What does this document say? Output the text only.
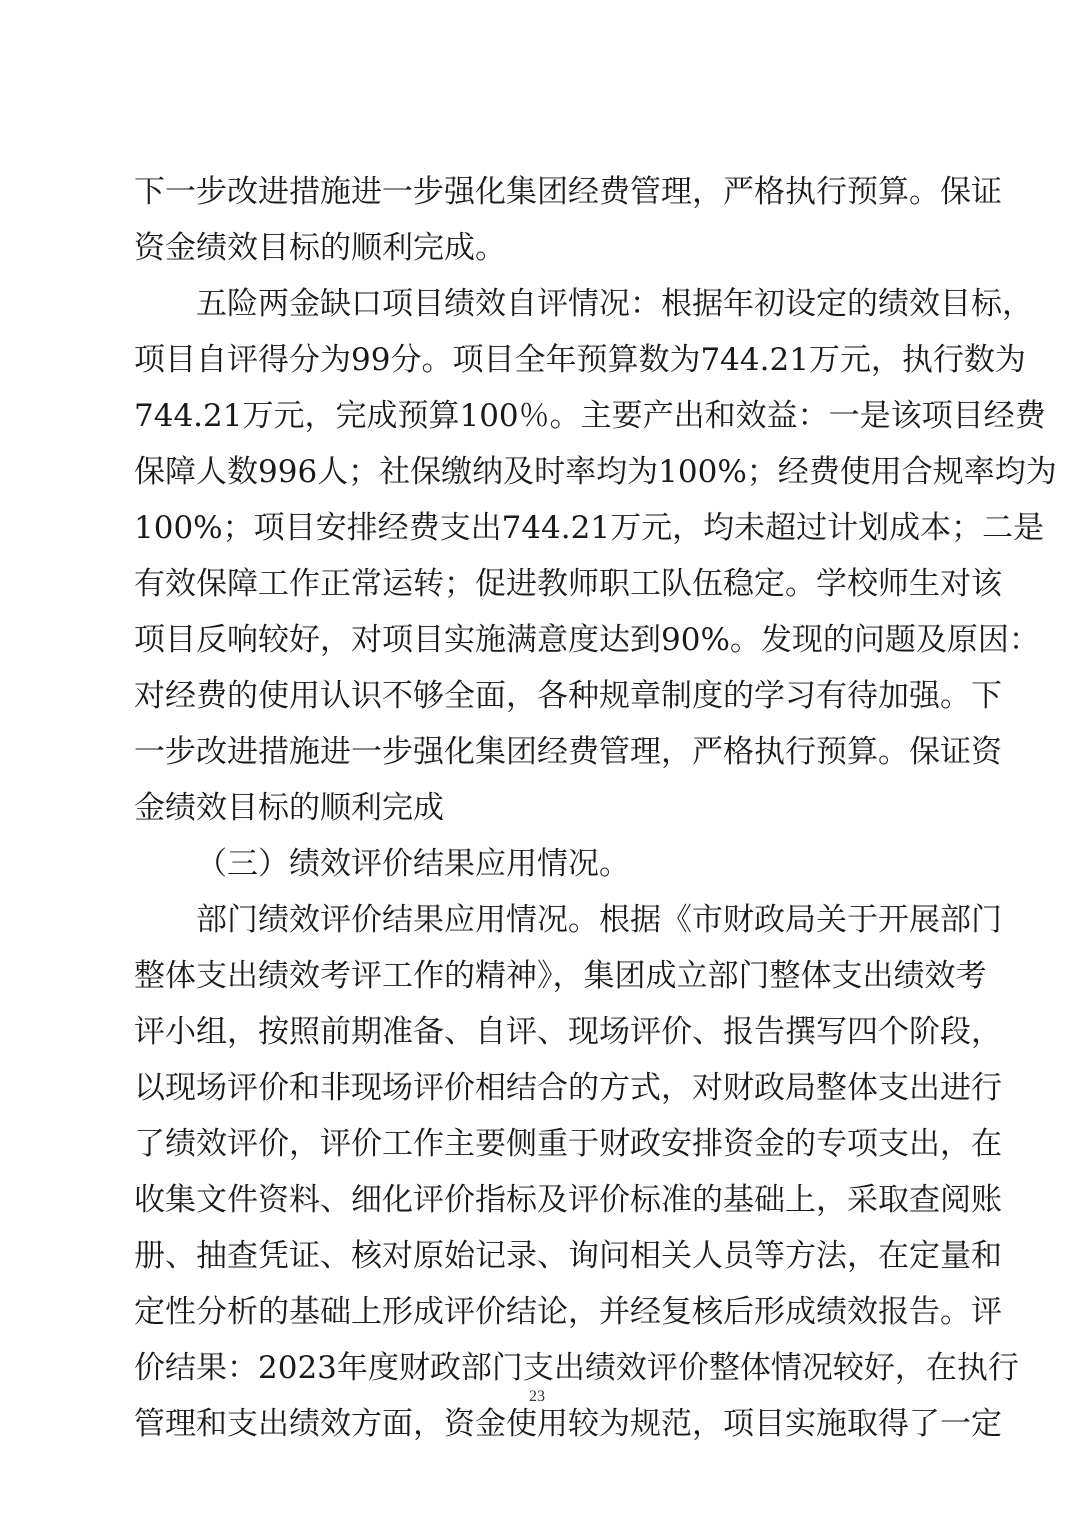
下一步改进措施进一步强化集团经费管理，严格执行预算。保证
资金绩效目标的顺利完成。
五险两金缺口项目绩效自评情况：根据年初设定的绩效目标，
项目自评得分为99分。项目全年预算数为744.21万元，执行数为
744.21万元，完成预算100％。主要产出和效益：一是该项目经费
保障人数996人；社保缴纳及时率均为100%；经费使用合规率均为
100%；项目安排经费支出744.21万元，均未超过计划成本；二是
有效保障工作正常运转；促进教师职工队伍稳定。学校师生对该
项目反响较好，对项目实施满意度达到90%。发现的问题及原因：
对经费的使用认识不够全面，各种规章制度的学习有待加强。下
一步改进措施进一步强化集团经费管理，严格执行预算。保证资
金绩效目标的顺利完成
（三）绩效评价结果应用情况。
部门绩效评价结果应用情况。根据《市财政局关于开展部门
整体支出绩效考评工作的精神》，集团成立部门整体支出绩效考
评小组，按照前期准备、自评、现场评价、报告撰写四个阶段，
以现场评价和非现场评价相结合的方式，对财政局整体支出进行
了绩效评价，评价工作主要侧重于财政安排资金的专项支出，在
收集文件资料、细化评价指标及评价标准的基础上，采取查阅账
册、抽查凭证、核对原始记录、询问相关人员等方法，在定量和
定性分析的基础上形成评价结论，并经复核后形成绩效报告。评
价结果：2023年度财政部门支出绩效评价整体情况较好，在执行
管理和支出绩效方面，资金使用较为规范，项目实施取得了一定
23
